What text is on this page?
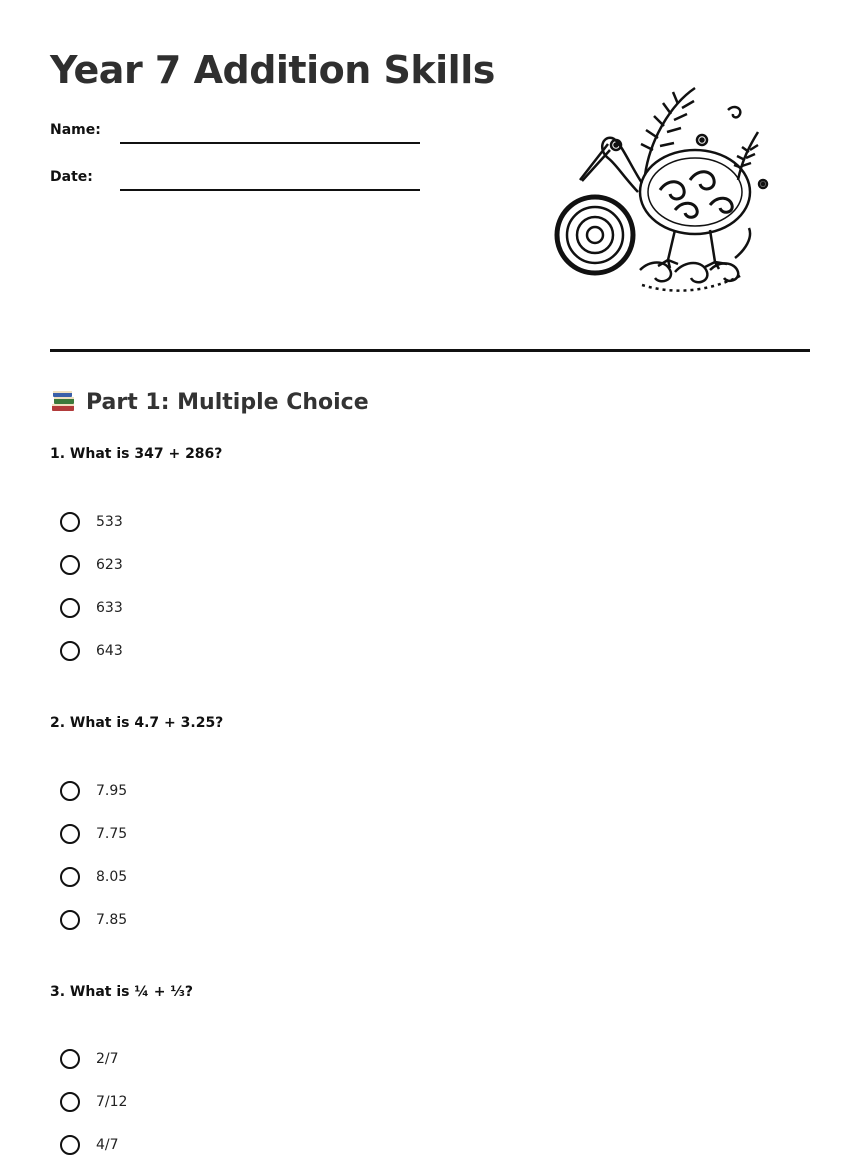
Year 7 Addition Skills
Name:
Date:
Part 1: Multiple Choice

1. What is 347 + 286?

533
623
633
643

2. What is 4.7 + 3.25?

7.95
7.75
8.05
7.85

3. What is ¼ + ⅓?

2/7
7/12
4/7
